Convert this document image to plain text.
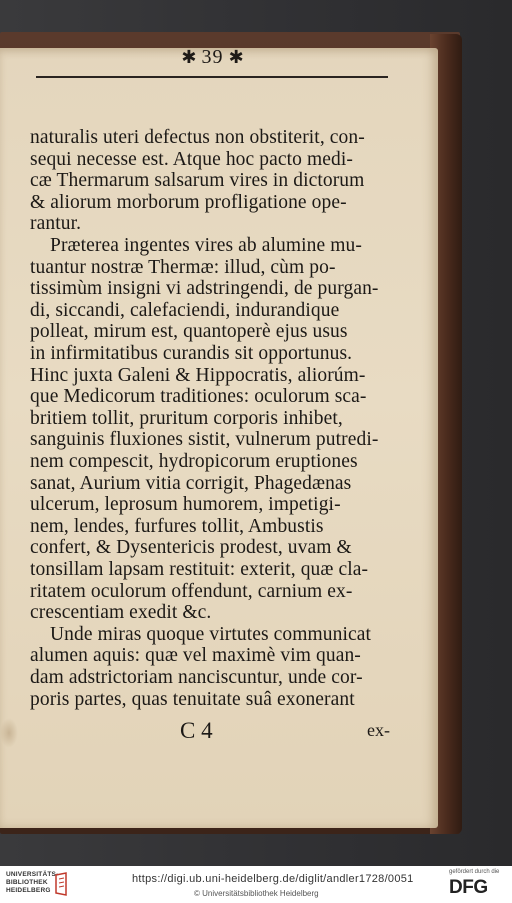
✱ 39 ✱
naturalis uteri defectus non obstiterit, con-
sequi necesse est. Atque hoc pacto medi-
cæ Thermarum salsarum vires in dictorum
& aliorum morborum profligatione ope-
rantur.
Præterea ingentes vires ab alumine mu-
tuantur nostræ Thermæ: illud, cùm po-
tissimùm insigni vi adstringendi, de purgan-
di, siccandi, calefaciendi, indurandique
polleat, mirum est, quantoperè ejus usus
in infirmitatibus curandis sit opportunus.
Hinc juxta Galeni & Hippocratis, aliorúm-
que Medicorum traditiones: oculorum sca-
britiem tollit, pruritum corporis inhibet,
sanguinis fluxiones sistit, vulnerum putredi-
nem compescit, hydropicorum eruptiones
sanat, Aurium vitia corrigit, Phagedænas
ulcerum, leprosum humorem, impetigi-
nem, lendes, furfures tollit, Ambustis
confert, & Dysentericis prodest, uvam &
tonsillam lapsam restituit: exterit, quæ cla-
ritatem oculorum offendunt, carnium ex-
crescentiam exedit &c.
Unde miras quoque virtutes communicat
alumen aquis: quæ vel maximè vim quan-
dam adstrictoriam nanciscuntur, unde cor-
poris partes, quas tenuitate suâ exonerant
C 4	ex-
UNIVERSITÄTS-
BIBLIOTHEK
HEIDELBERG
https://digi.ub.uni-heidelberg.de/diglit/andler1728/0051
© Universitätsbibliothek Heidelberg
gefördert durch die
DFG
